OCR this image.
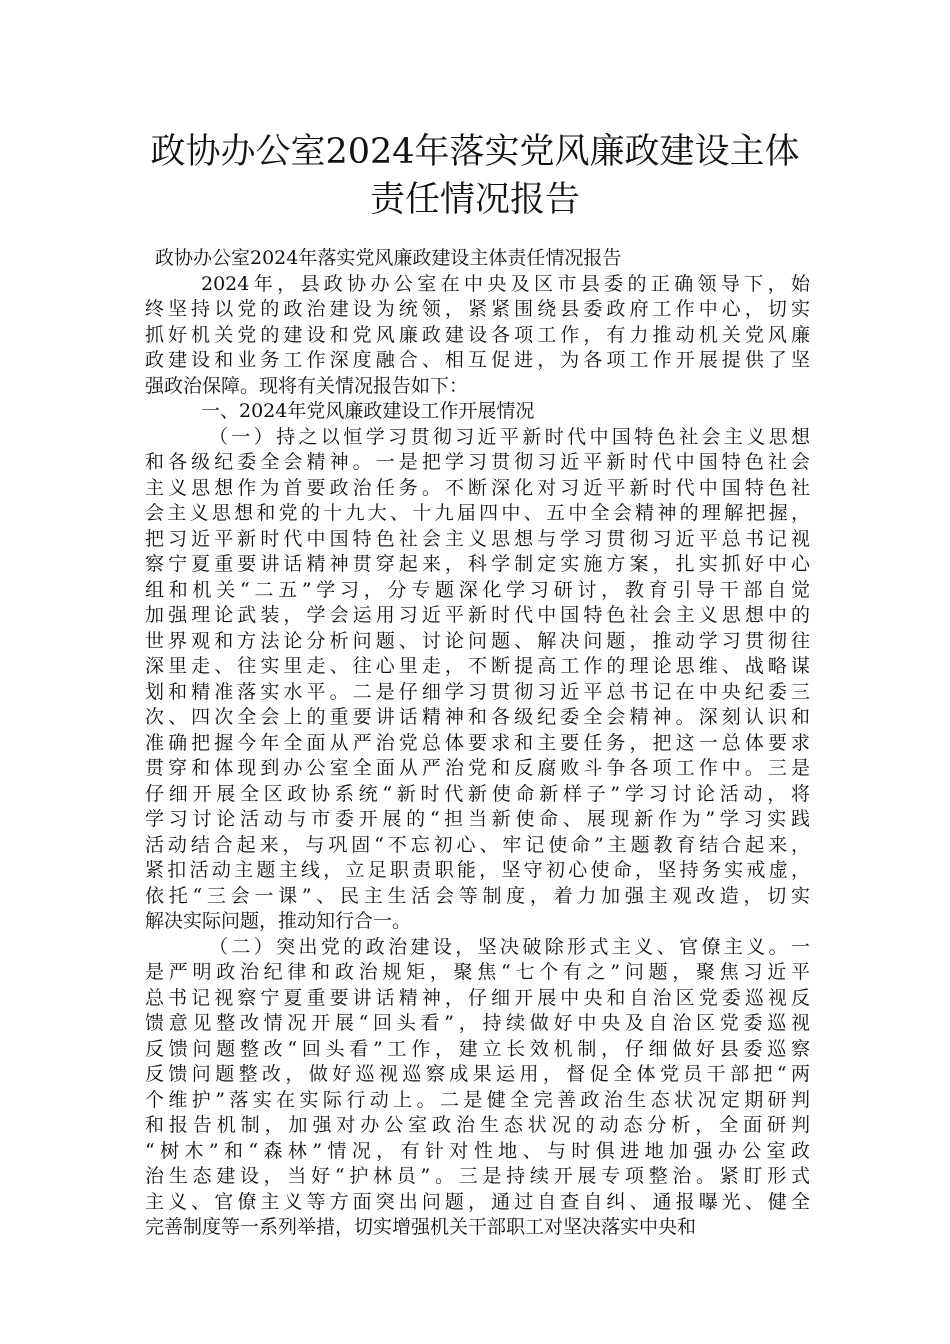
政协办公室2024年落实党风廉政建设主体
责任情况报告
政协办公室2024年落实党风廉政建设主体责任情况报告
2024年，县政协办公室在中央及区市县委的正确领导下，始
终坚持以党的政治建设为统领，紧紧围绕县委政府工作中心，切实
抓好机关党的建设和党风廉政建设各项工作，有力推动机关党风廉
政建设和业务工作深度融合、相互促进，为各项工作开展提供了坚
强政治保障。现将有关情况报告如下：
一、2024年党风廉政建设工作开展情况
（一）持之以恒学习贯彻习近平新时代中国特色社会主义思想
和各级纪委全会精神。一是把学习贯彻习近平新时代中国特色社会
主义思想作为首要政治任务。不断深化对习近平新时代中国特色社
会主义思想和党的十九大、十九届四中、五中全会精神的理解把握，
把习近平新时代中国特色社会主义思想与学习贯彻习近平总书记视
察宁夏重要讲话精神贯穿起来，科学制定实施方案，扎实抓好中心
组和机关“二五”学习，分专题深化学习研讨，教育引导干部自觉
加强理论武装，学会运用习近平新时代中国特色社会主义思想中的
世界观和方法论分析问题、讨论问题、解决问题，推动学习贯彻往
深里走、往实里走、往心里走，不断提高工作的理论思维、战略谋
划和精准落实水平。二是仔细学习贯彻习近平总书记在中央纪委三
次、四次全会上的重要讲话精神和各级纪委全会精神。深刻认识和
准确把握今年全面从严治党总体要求和主要任务，把这一总体要求
贯穿和体现到办公室全面从严治党和反腐败斗争各项工作中。三是
仔细开展全区政协系统“新时代新使命新样子”学习讨论活动，将
学习讨论活动与市委开展的“担当新使命、展现新作为”学习实践
活动结合起来，与巩固“不忘初心、牢记使命”主题教育结合起来，
紧扣活动主题主线，立足职责职能，坚守初心使命，坚持务实戒虚，
依托“三会一课”、民主生活会等制度，着力加强主观改造，切实
解决实际问题，推动知行合一。
（二）突出党的政治建设，坚决破除形式主义、官僚主义。一
是严明政治纪律和政治规矩，聚焦“七个有之”问题，聚焦习近平
总书记视察宁夏重要讲话精神，仔细开展中央和自治区党委巡视反
馈意见整改情况开展“回头看”，持续做好中央及自治区党委巡视
反馈问题整改“回头看”工作，建立长效机制，仔细做好县委巡察
反馈问题整改，做好巡视巡察成果运用，督促全体党员干部把“两
个维护”落实在实际行动上。二是健全完善政治生态状况定期研判
和报告机制，加强对办公室政治生态状况的动态分析，全面研判
“树木”和“森林”情况，有针对性地、与时俱进地加强办公室政
治生态建设，当好“护林员”。三是持续开展专项整治。紧盯形式
主义、官僚主义等方面突出问题，通过自查自纠、通报曝光、健全
完善制度等一系列举措，切实增强机关干部职工对坚决落实中央和
